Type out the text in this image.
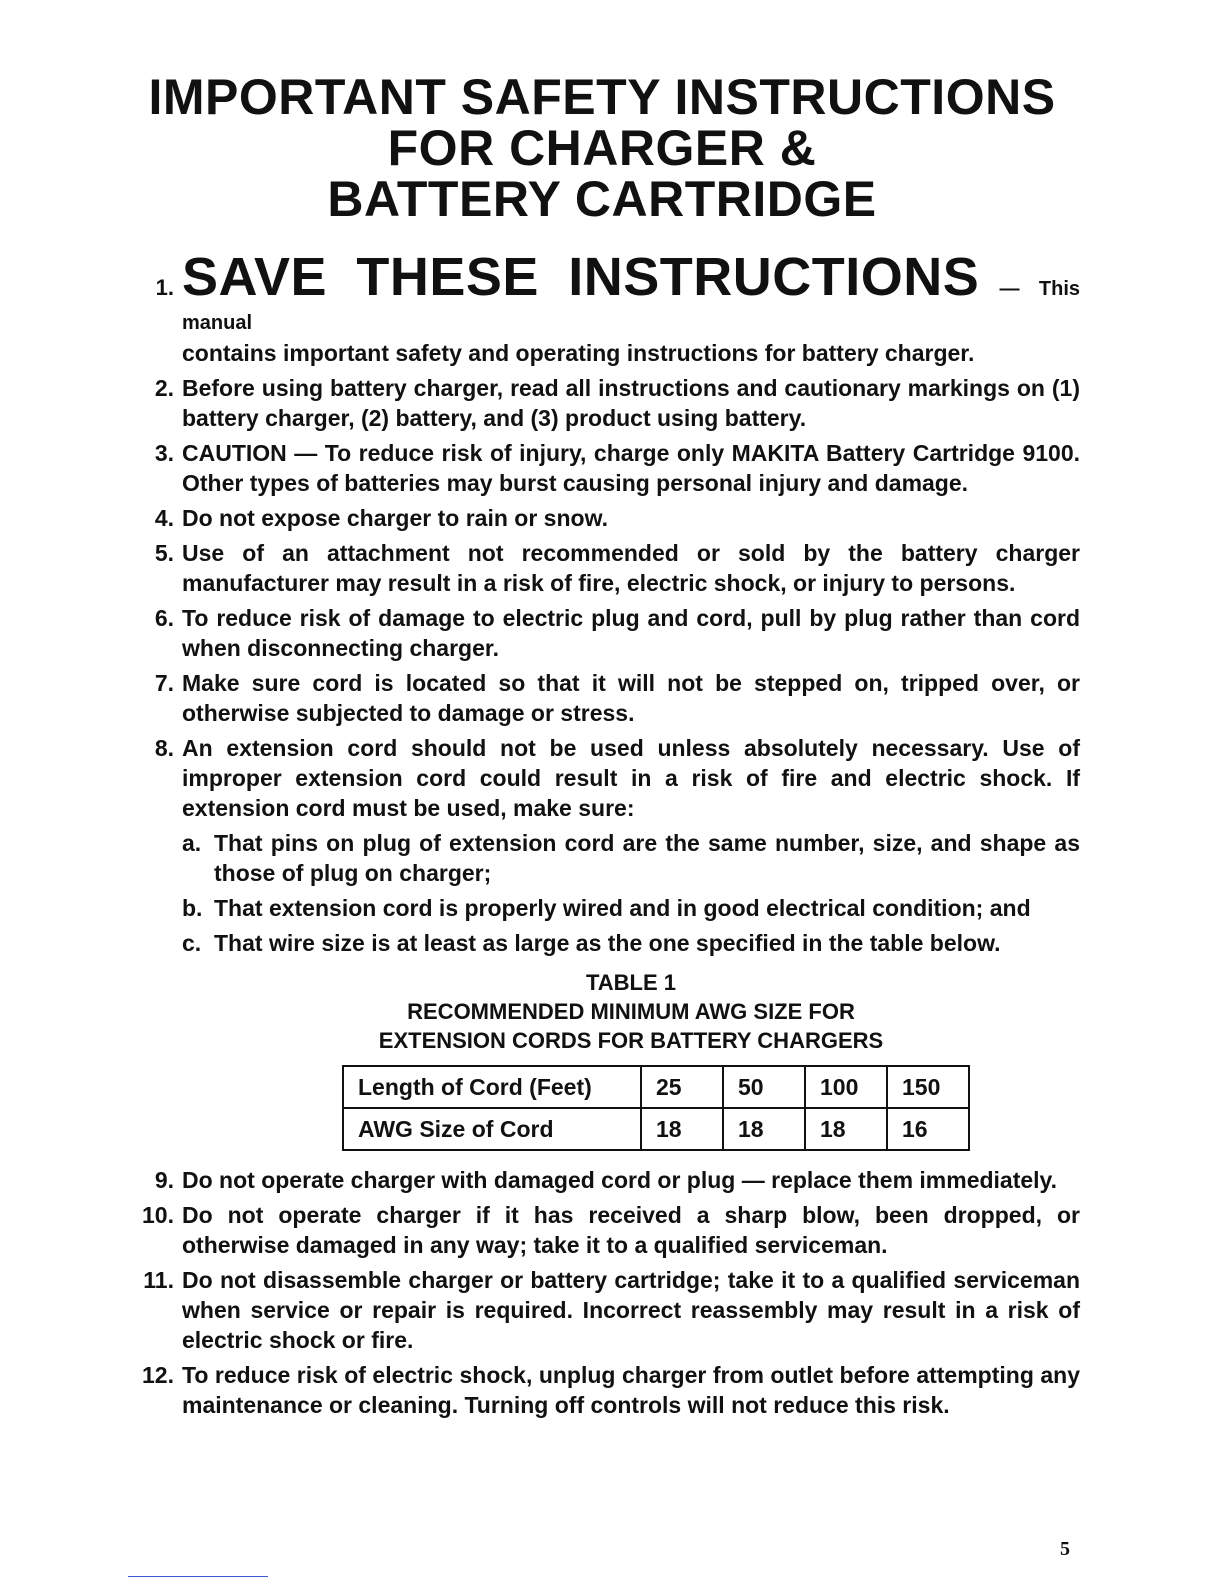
IMPORTANT SAFETY INSTRUCTIONS
FOR CHARGER &
BATTERY CARTRIDGE
1. SAVE THESE INSTRUCTIONS — This manual
contains important safety and operating instructions for battery charger.
2. Before using battery charger, read all instructions and cautionary markings on (1) battery charger, (2) battery, and (3) product using battery.
3. CAUTION — To reduce risk of injury, charge only MAKITA Battery Cartridge 9100. Other types of batteries may burst causing personal injury and damage.
4. Do not expose charger to rain or snow.
5. Use of an attachment not recommended or sold by the battery charger manufacturer may result in a risk of fire, electric shock, or injury to persons.
6. To reduce risk of damage to electric plug and cord, pull by plug rather than cord when disconnecting charger.
7. Make sure cord is located so that it will not be stepped on, tripped over, or otherwise subjected to damage or stress.
8. An extension cord should not be used unless absolutely necessary. Use of improper extension cord could result in a risk of fire and electric shock. If extension cord must be used, make sure:
a. That pins on plug of extension cord are the same number, size, and shape as those of plug on charger;
b. That extension cord is properly wired and in good electrical condition; and
c. That wire size is at least as large as the one specified in the table below.
TABLE 1
RECOMMENDED MINIMUM AWG SIZE FOR
EXTENSION CORDS FOR BATTERY CHARGERS
Length of Cord (Feet)	25	50	100	150
AWG Size of Cord	18	18	18	16
9. Do not operate charger with damaged cord or plug — replace them immediately.
10. Do not operate charger if it has received a sharp blow, been dropped, or otherwise damaged in any way; take it to a qualified serviceman.
11. Do not disassemble charger or battery cartridge; take it to a qualified serviceman when service or repair is required. Incorrect reassembly may result in a risk of electric shock or fire.
12. To reduce risk of electric shock, unplug charger from outlet before attempting any maintenance or cleaning. Turning off controls will not reduce this risk.
5
